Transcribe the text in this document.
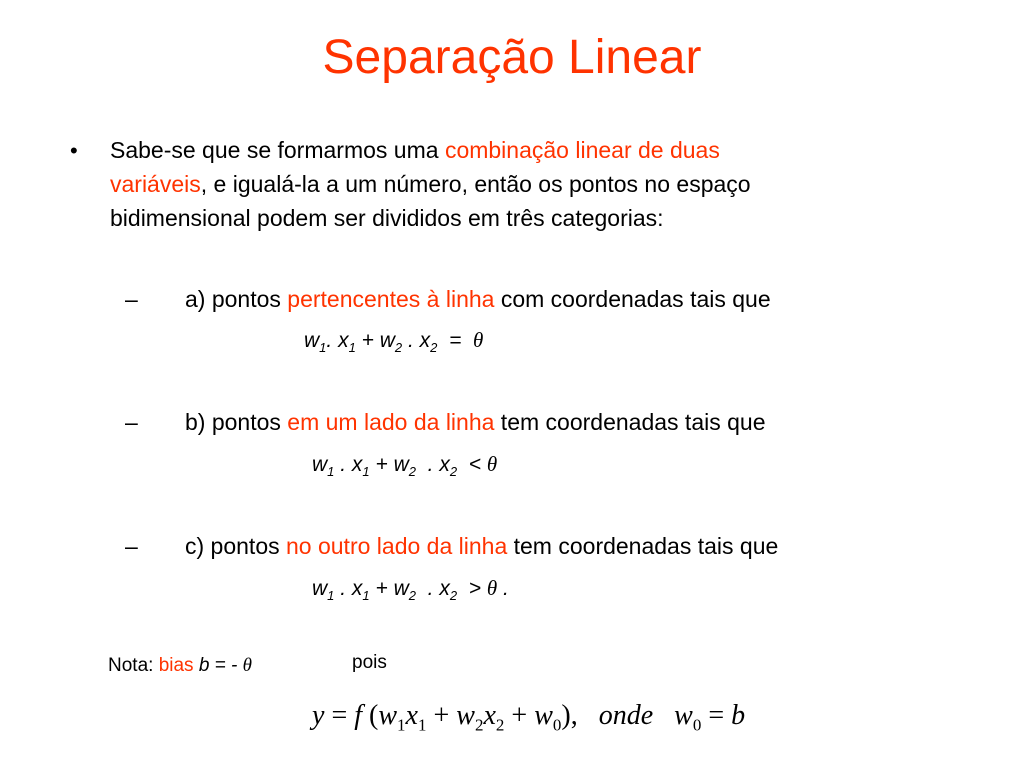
Separação Linear
• Sabe-se que se formarmos uma combinação linear de duas
variáveis, e igualá-la a um número, então os pontos no espaço
bidimensional podem ser divididos em três categorias:
– a) pontos pertencentes à linha com coordenadas tais que
$w_1$. $x_1 + w_2$ . $x_2 = \theta$
– b) pontos em um lado da linha tem coordenadas tais que
$w_1$ . $x_1 + w_2$  . $x_2 < \theta$
– c) pontos no outro lado da linha tem coordenadas tais que
$w_1$ . $x_1 + w_2$  . $x_2 > \theta$ .
Nota: bias b = - θ	pois
y = f $(w_1x_1 + w_2x_2 + w_0)$, onde $w_0 = b$
